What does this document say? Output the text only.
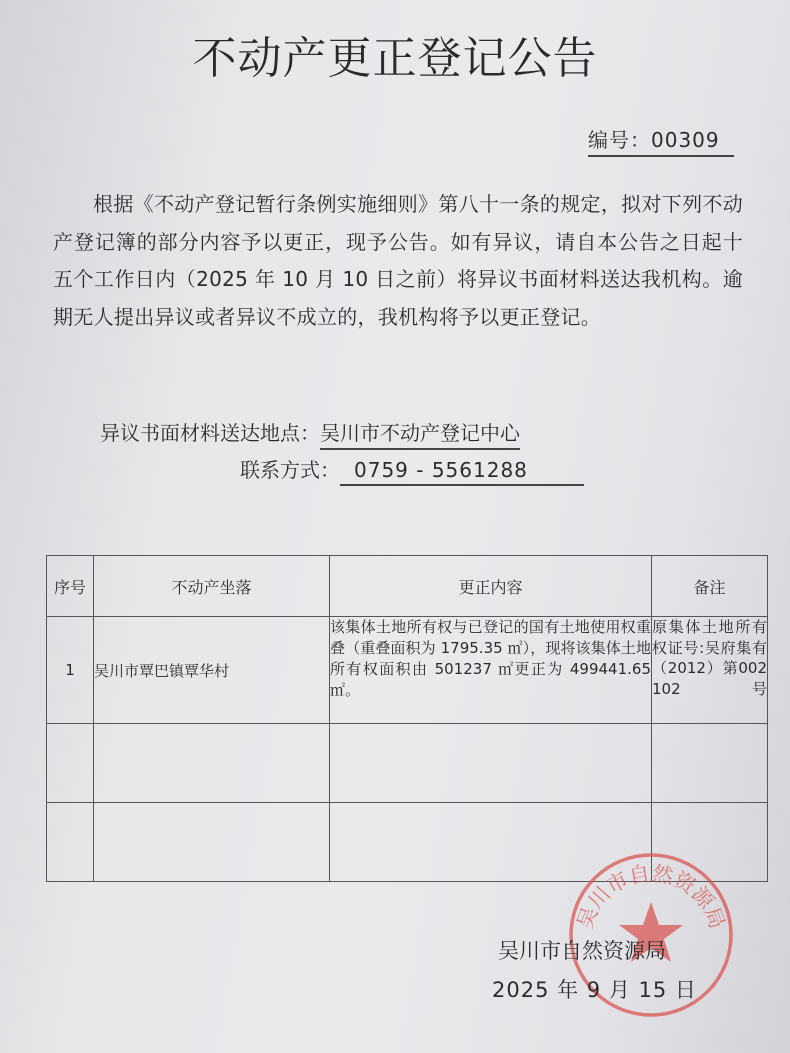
不动产更正登记公告
编号：00309

根据《不动产登记暂行条例实施细则》第八十一条的规定，拟对下列不动产登记簿的部分内容予以更正，现予公告。如有异议，请自本公告之日起十五个工作日内（2025 年 10 月 10 日之前）将异议书面材料送达我机构。逾期无人提出异议或者异议不成立的，我机构将予以更正登记。

异议书面材料送达地点：吴川市不动产登记中心
联系方式： 0759 - 5561288
序号	不动产坐落	更正内容	备注
1	吴川市覃巴镇覃华村	该集体土地所有权与已登记的国有土地使用权重叠（重叠面积为 1795.35 ㎡），现将该集体土地所有权面积由 501237 ㎡更正为 499441.65 ㎡。	原集体土地所有权证号:吴府集有（2012）第002102号

吴川市自然资源局
吴川市自然资源局
2025 年 9 月 15 日
